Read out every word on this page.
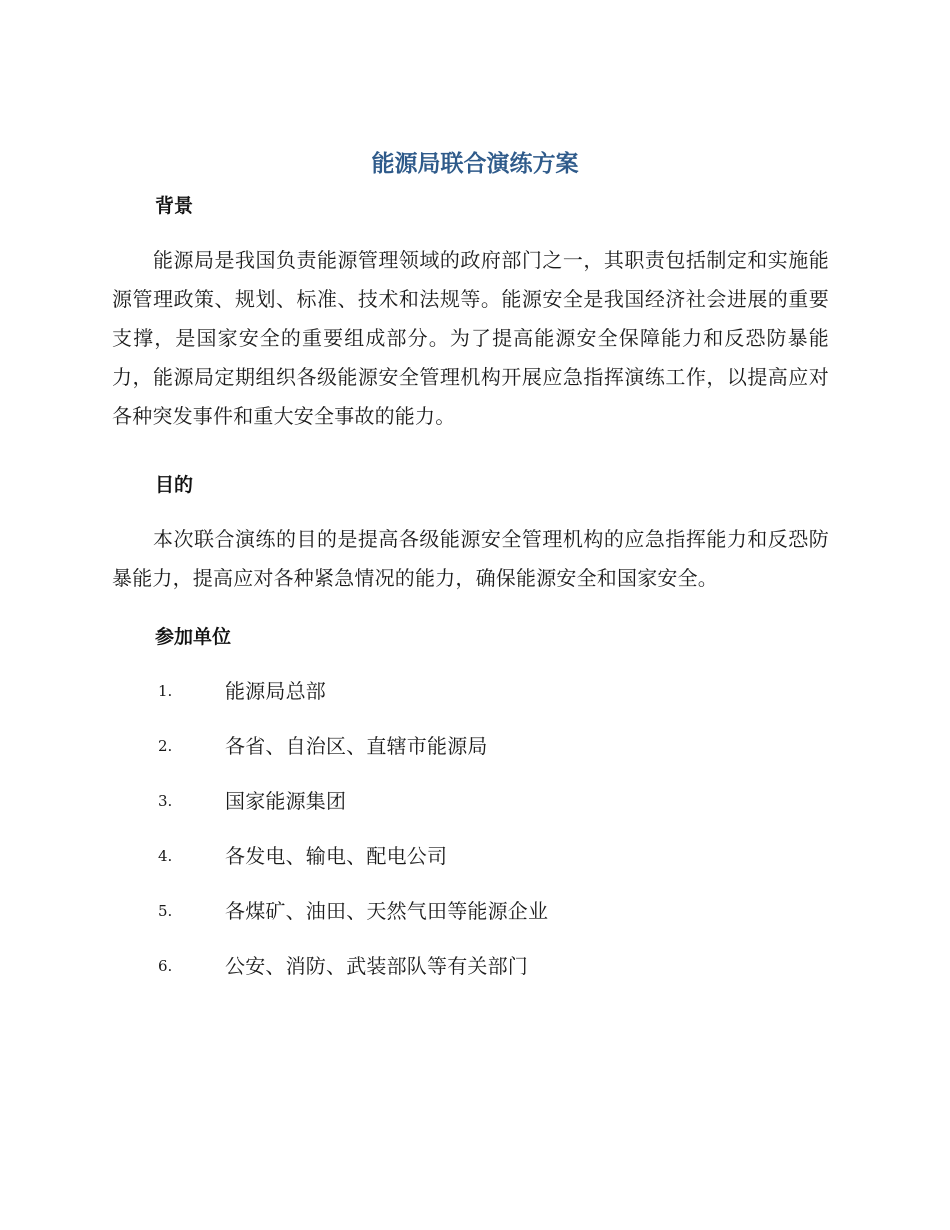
能源局联合演练方案
背景

能源局是我国负责能源管理领域的政府部门之一，其职责包括制定和实施能源管理政策、规划、标准、技术和法规等。能源安全是我国经济社会进展的重要支撑，是国家安全的重要组成部分。为了提高能源安全保障能力和反恐防暴能力，能源局定期组织各级能源安全管理机构开展应急指挥演练工作，以提高应对各种突发事件和重大安全事故的能力。

目的

本次联合演练的目的是提高各级能源安全管理机构的应急指挥能力和反恐防暴能力，提高应对各种紧急情况的能力，确保能源安全和国家安全。

参加单位
1.	能源局总部
2.	各省、自治区、直辖市能源局
3.	国家能源集团
4.	各发电、输电、配电公司
5.	各煤矿、油田、天然气田等能源企业
6.	公安、消防、武装部队等有关部门
